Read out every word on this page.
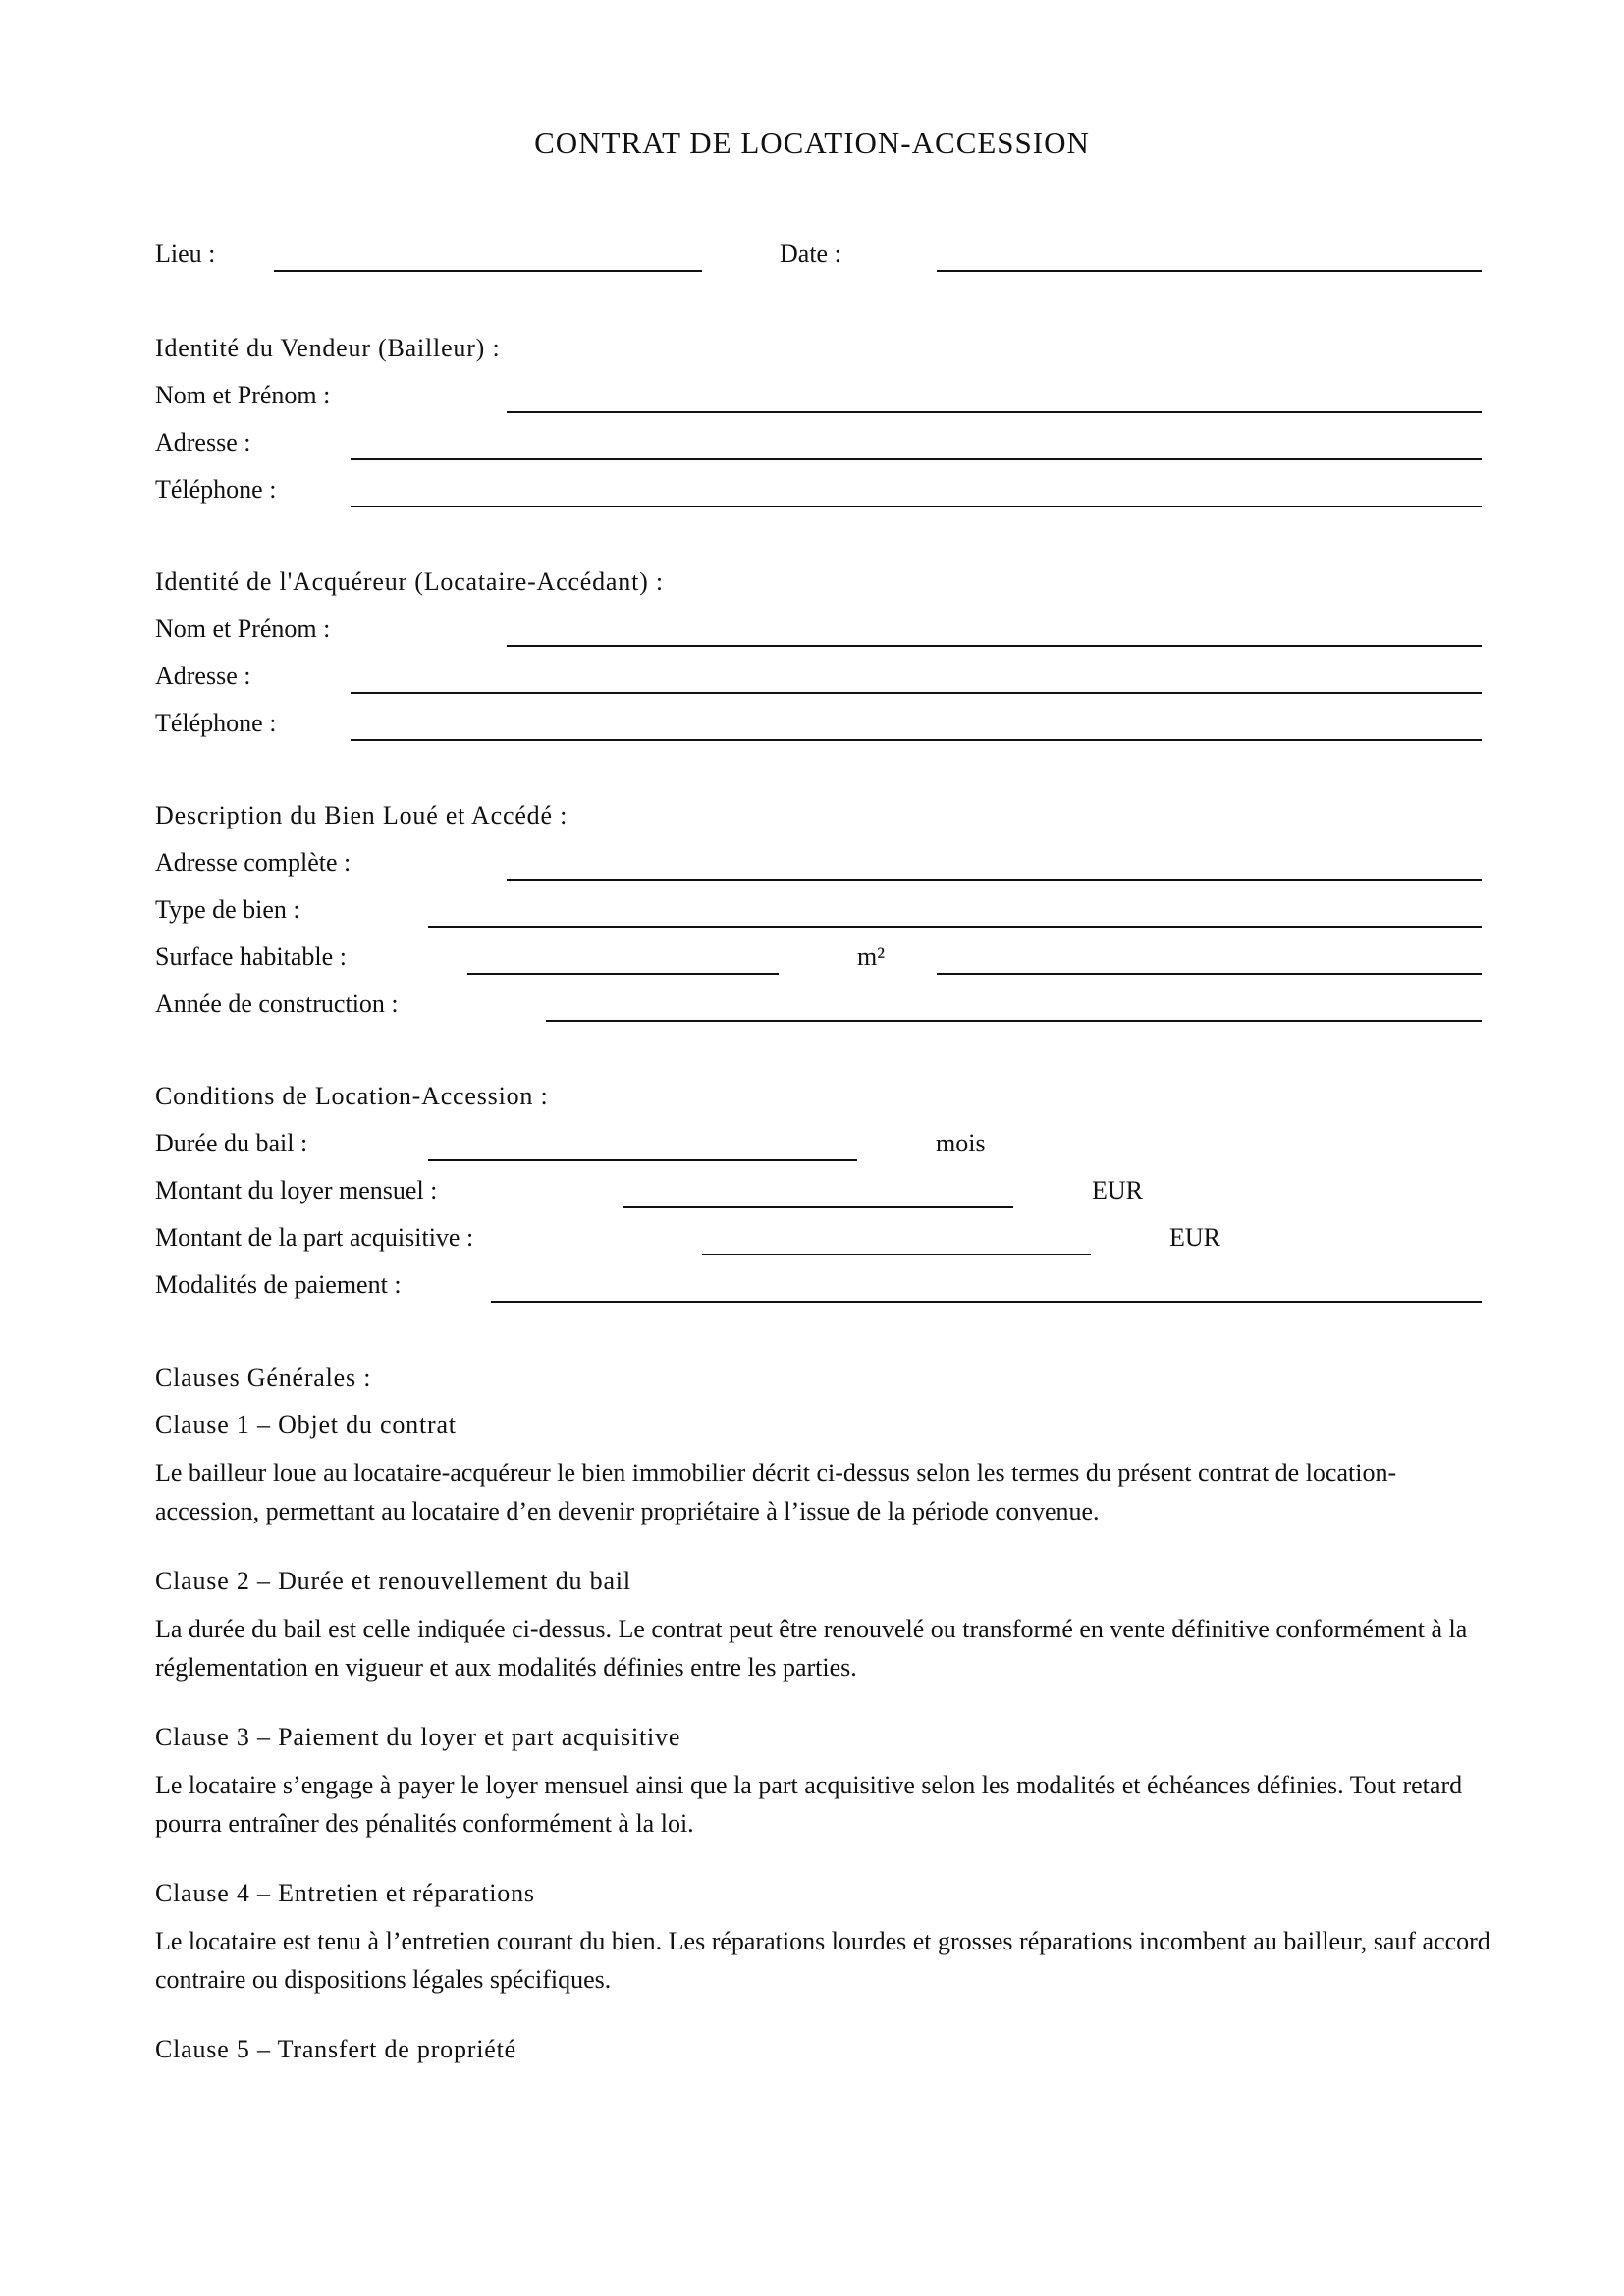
CONTRAT DE LOCATION-ACCESSION
Lieu :	Date :
Identité du Vendeur (Bailleur) :
Nom et Prénom :
Adresse :
Téléphone :
Identité de l'Acquéreur (Locataire-Accédant) :
Nom et Prénom :
Adresse :
Téléphone :
Description du Bien Loué et Accédé :
Adresse complète :
Type de bien :
Surface habitable :	m²
Année de construction :
Conditions de Location-Accession :
Durée du bail :	mois
Montant du loyer mensuel :	EUR
Montant de la part acquisitive :	EUR
Modalités de paiement :
Clauses Générales :
Clause 1 – Objet du contrat
Le bailleur loue au locataire-acquéreur le bien immobilier décrit ci-dessus selon les termes du présent contrat de location-accession, permettant au locataire d’en devenir propriétaire à l’issue de la période convenue.
Clause 2 – Durée et renouvellement du bail
La durée du bail est celle indiquée ci-dessus. Le contrat peut être renouvelé ou transformé en vente définitive conformément à la réglementation en vigueur et aux modalités définies entre les parties.
Clause 3 – Paiement du loyer et part acquisitive
Le locataire s’engage à payer le loyer mensuel ainsi que la part acquisitive selon les modalités et échéances définies. Tout retard pourra entraîner des pénalités conformément à la loi.
Clause 4 – Entretien et réparations
Le locataire est tenu à l’entretien courant du bien. Les réparations lourdes et grosses réparations incombent au bailleur, sauf accord contraire ou dispositions légales spécifiques.
Clause 5 – Transfert de propriété
